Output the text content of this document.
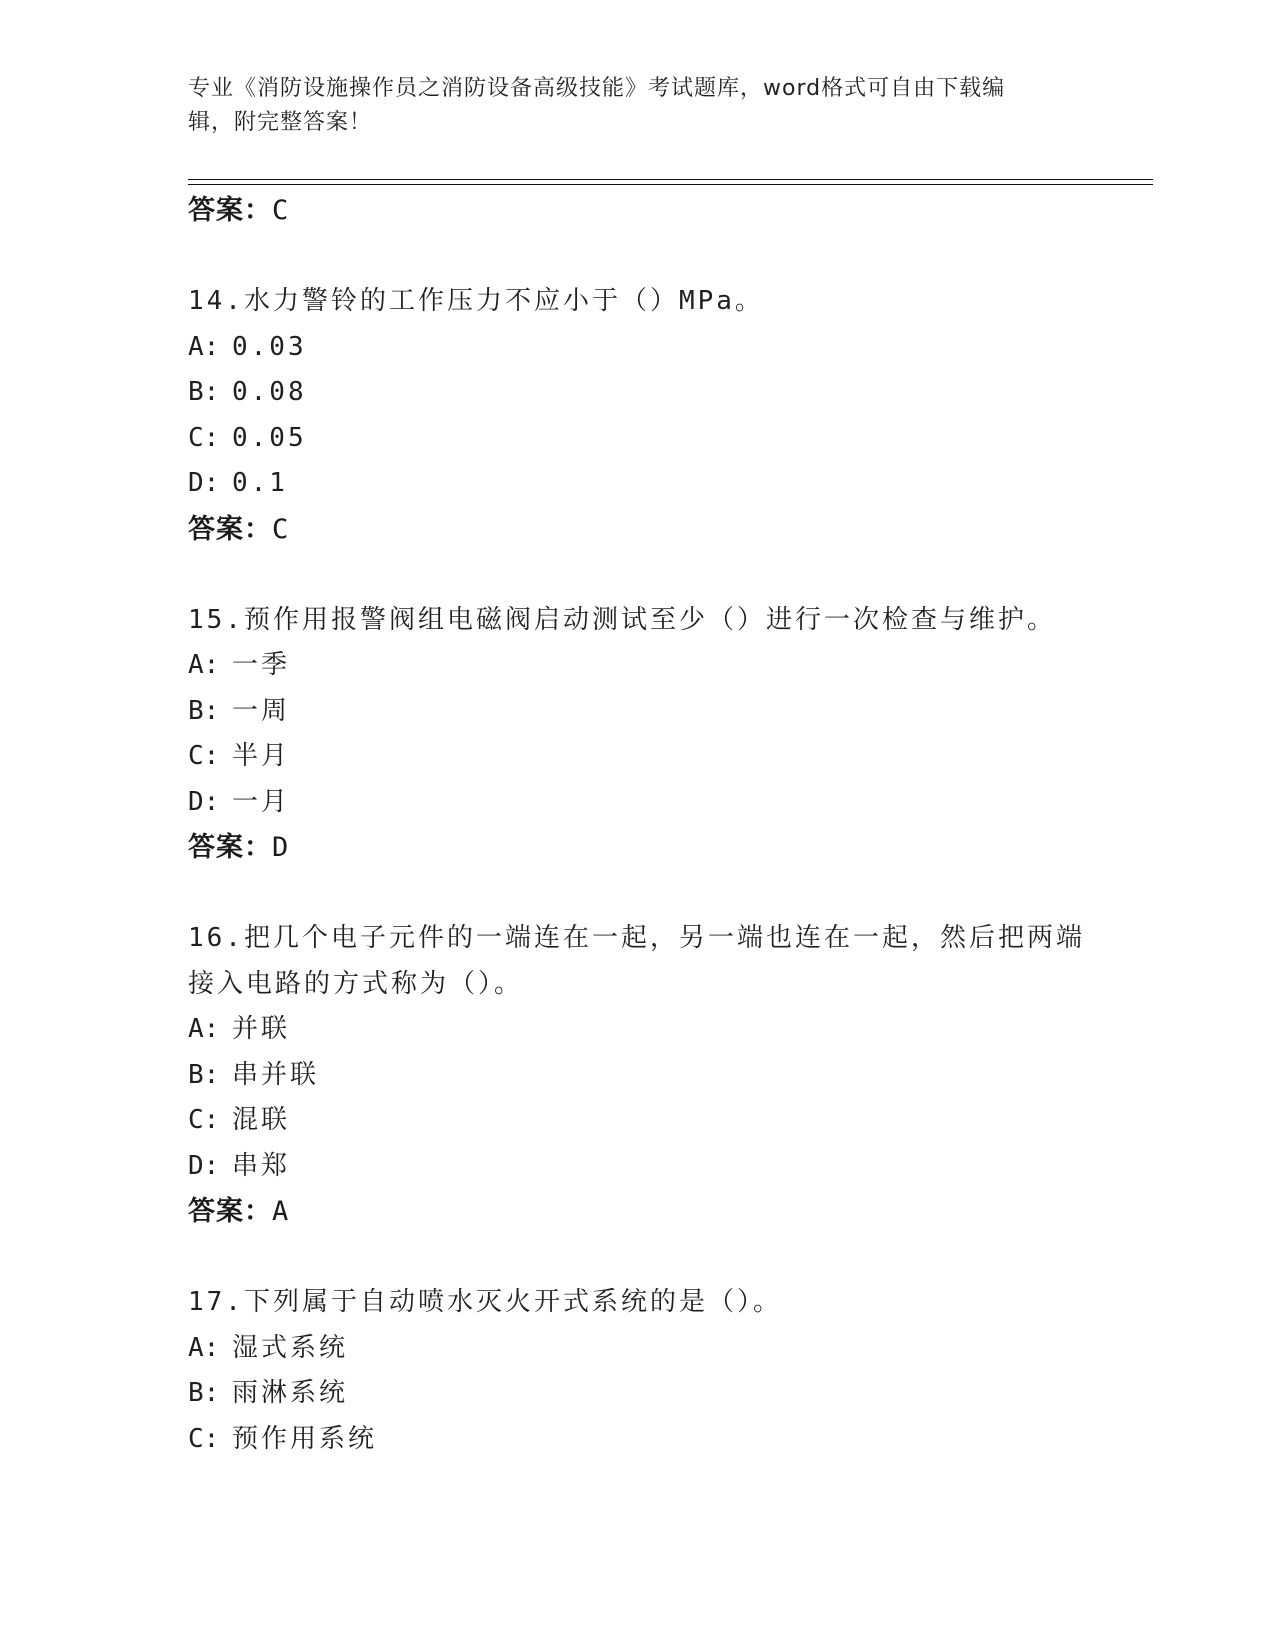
专业《消防设施操作员之消防设备高级技能》考试题库，word格式可自由下载编
辑，附完整答案！
答案：C
14.水力警铃的工作压力不应小于（）MPa。
A: 0.03
B: 0.08
C: 0.05
D: 0.1
答案：C
15.预作用报警阀组电磁阀启动测试至少（）进行一次检查与维护。
A: 一季
B: 一周
C: 半月
D: 一月
答案：D
16.把几个电子元件的一端连在一起，另一端也连在一起，然后把两端
接入电路的方式称为（）。
A: 并联
B: 串并联
C: 混联
D: 串郑
答案：A
17.下列属于自动喷水灭火开式系统的是（）。
A: 湿式系统
B: 雨淋系统
C: 预作用系统
